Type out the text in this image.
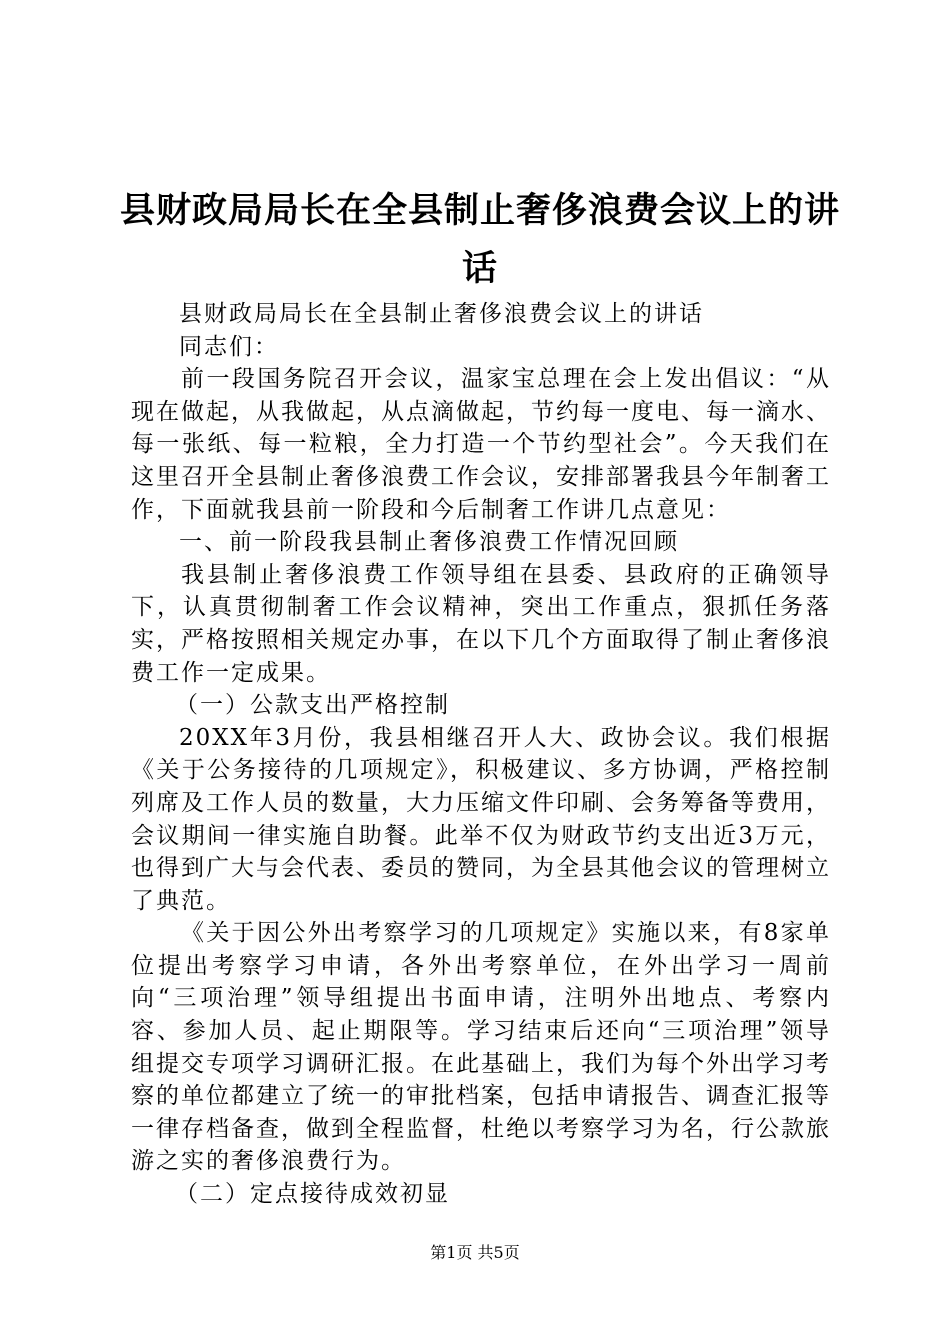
县财政局局长在全县制止奢侈浪费会议上的讲话

县财政局局长在全县制止奢侈浪费会议上的讲话

同志们：

前一段国务院召开会议，温家宝总理在会上发出倡议：“从现在做起，从我做起，从点滴做起，节约每一度电、每一滴水、每一张纸、每一粒粮，全力打造一个节约型社会”。今天我们在这里召开全县制止奢侈浪费工作会议，安排部署我县今年制奢工作，下面就我县前一阶段和今后制奢工作讲几点意见：

一、前一阶段我县制止奢侈浪费工作情况回顾

我县制止奢侈浪费工作领导组在县委、县政府的正确领导下，认真贯彻制奢工作会议精神，突出工作重点，狠抓任务落实，严格按照相关规定办事，在以下几个方面取得了制止奢侈浪费工作一定成果。

（一）公款支出严格控制

20XX年3月份，我县相继召开人大、政协会议。我们根据《关于公务接待的几项规定》，积极建议、多方协调，严格控制列席及工作人员的数量，大力压缩文件印刷、会务筹备等费用，会议期间一律实施自助餐。此举不仅为财政节约支出近3万元，也得到广大与会代表、委员的赞同，为全县其他会议的管理树立了典范。

《关于因公外出考察学习的几项规定》实施以来，有8家单位提出考察学习申请，各外出考察单位，在外出学习一周前向“三项治理”领导组提出书面申请，注明外出地点、考察内容、参加人员、起止期限等。学习结束后还向“三项治理”领导组提交专项学习调研汇报。在此基础上，我们为每个外出学习考察的单位都建立了统一的审批档案，包括申请报告、调查汇报等一律存档备查，做到全程监督，杜绝以考察学习为名，行公款旅游之实的奢侈浪费行为。

（二）定点接待成效初显

第1页 共5页
